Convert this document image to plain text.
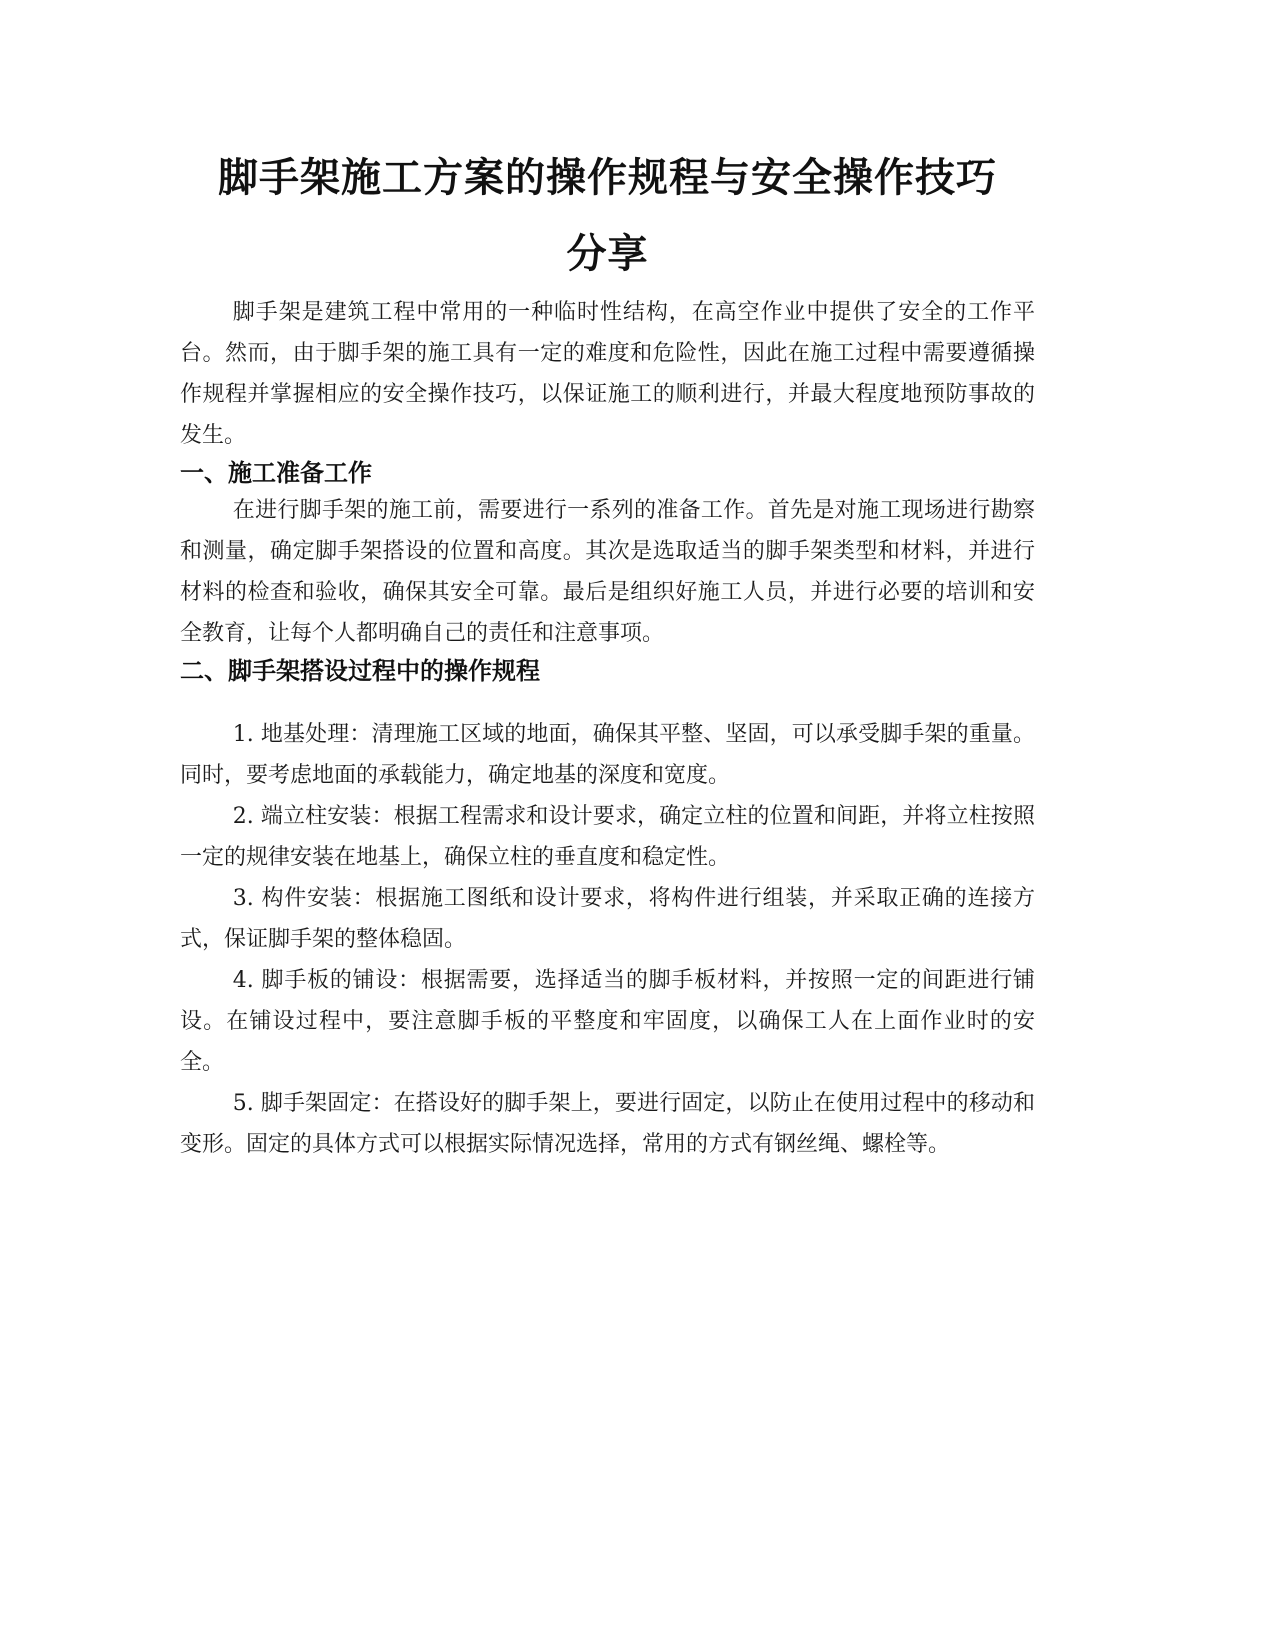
脚手架施工方案的操作规程与安全操作技巧
分享

脚手架是建筑工程中常用的一种临时性结构，在高空作业中提供了安全的工作平台。然而，由于脚手架的施工具有一定的难度和危险性，因此在施工过程中需要遵循操作规程并掌握相应的安全操作技巧，以保证施工的顺利进行，并最大程度地预防事故的发生。

一、施工准备工作

在进行脚手架的施工前，需要进行一系列的准备工作。首先是对施工现场进行勘察和测量，确定脚手架搭设的位置和高度。其次是选取适当的脚手架类型和材料，并进行材料的检查和验收，确保其安全可靠。最后是组织好施工人员，并进行必要的培训和安全教育，让每个人都明确自己的责任和注意事项。

二、脚手架搭设过程中的操作规程

1. 地基处理：清理施工区域的地面，确保其平整、坚固，可以承受脚手架的重量。同时，要考虑地面的承载能力，确定地基的深度和宽度。

2. 端立柱安装：根据工程需求和设计要求，确定立柱的位置和间距，并将立柱按照一定的规律安装在地基上，确保立柱的垂直度和稳定性。

3. 构件安装：根据施工图纸和设计要求，将构件进行组装，并采取正确的连接方式，保证脚手架的整体稳固。

4. 脚手板的铺设：根据需要，选择适当的脚手板材料，并按照一定的间距进行铺设。在铺设过程中，要注意脚手板的平整度和牢固度，以确保工人在上面作业时的安全。

5. 脚手架固定：在搭设好的脚手架上，要进行固定，以防止在使用过程中的移动和变形。固定的具体方式可以根据实际情况选择，常用的方式有钢丝绳、螺栓等。
